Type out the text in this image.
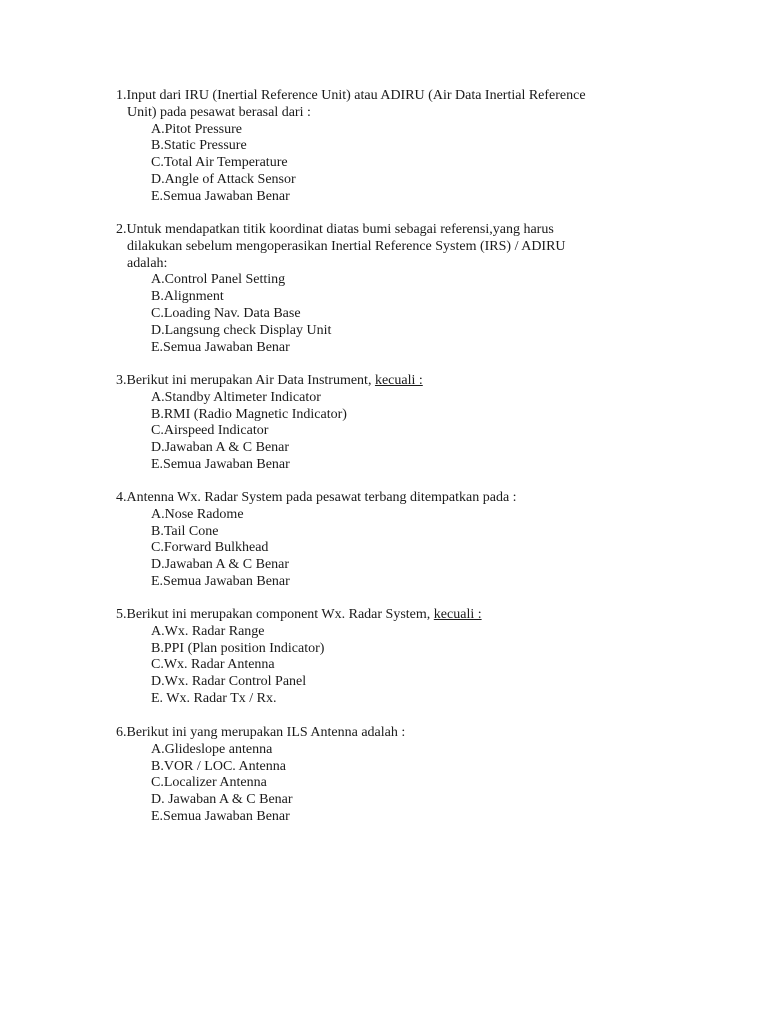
1.Input dari IRU (Inertial Reference Unit) atau ADIRU (Air Data Inertial Reference
Unit) pada pesawat berasal dari :
A.Pitot Pressure
B.Static Pressure
C.Total Air Temperature
D.Angle of Attack Sensor
E.Semua Jawaban Benar
2.Untuk mendapatkan titik koordinat diatas bumi sebagai referensi,yang harus
dilakukan sebelum mengoperasikan Inertial Reference System (IRS) / ADIRU
adalah:
A.Control Panel Setting
B.Alignment
C.Loading Nav. Data Base
D.Langsung check Display Unit
E.Semua Jawaban Benar
3.Berikut ini merupakan Air Data Instrument, kecuali :
A.Standby Altimeter Indicator
B.RMI (Radio Magnetic Indicator)
C.Airspeed Indicator
D.Jawaban A & C Benar
E.Semua Jawaban Benar
4.Antenna Wx. Radar System pada pesawat terbang ditempatkan pada :
A.Nose Radome
B.Tail Cone
C.Forward Bulkhead
D.Jawaban A & C Benar
E.Semua Jawaban Benar
5.Berikut ini merupakan component Wx. Radar System, kecuali :
A.Wx. Radar Range
B.PPI (Plan position Indicator)
C.Wx. Radar Antenna
D.Wx. Radar Control Panel
E. Wx. Radar Tx / Rx.
6.Berikut ini yang merupakan ILS Antenna adalah :
A.Glideslope antenna
B.VOR / LOC. Antenna
C.Localizer Antenna
D. Jawaban A & C Benar
E.Semua Jawaban Benar
